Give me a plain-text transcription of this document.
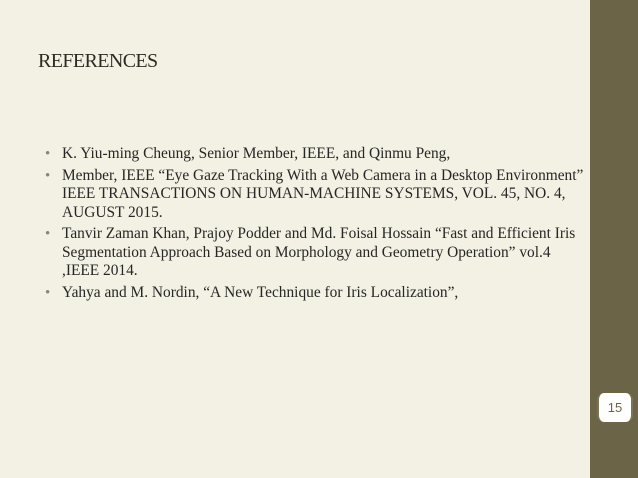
REFERENCES
• K. Yiu-ming Cheung, Senior Member, IEEE, and Qinmu Peng,
• Member, IEEE “Eye Gaze Tracking With a Web Camera in a Desktop Environment” IEEE TRANSACTIONS ON HUMAN-MACHINE SYSTEMS, VOL. 45, NO. 4, AUGUST 2015.
• Tanvir Zaman Khan, Prajoy Podder and Md. Foisal Hossain “Fast and Efficient Iris Segmentation Approach Based on Morphology and Geometry Operation” vol.4 ,IEEE 2014.
• Yahya and M. Nordin, “A New Technique for Iris Localization”,
15
